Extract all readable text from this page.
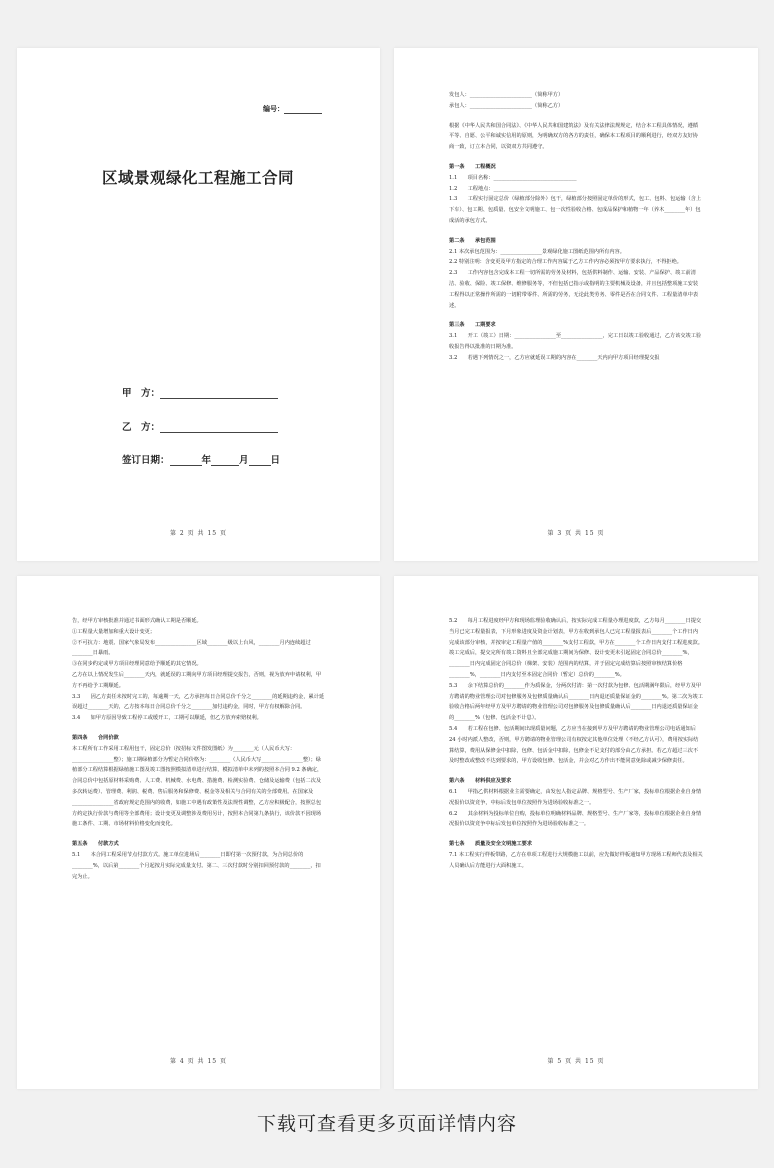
编号：
区域景观绿化工程施工合同
甲　方：
乙　方：
签订日期：	年	月 日
第 2 页 共 15 页

发包人：________________________（简称甲方）

承包人：________________________（简称乙方）

根据《中华人民共和国合同法》、《中华人民共和国建筑法》及有关法律法规规定，结合本工程具体情况，遵循平等、自愿、公平和诚实信用的原则，为明确双方的各方的责任，确保本工程项目的顺利进行，经双方友好协商一致，订立本合同，以资双方共同遵守。

第一条　　工程概况

1.1　　项目名称：________________________________

1.2　　工程地点：________________________________

1.3　　工程实行固定总价（绿植部分除外）包干，绿植部分按照固定单价的形式，包工、包料、包运输（含上下车）、包工期、包质量、包安全文明施工、包一次性验收合格、包成品保护和植物一年（养木________年）包成活的承包方式。

第二条　　承包范围

2.1 本次承包范围为：________________景观绿化施工图纸范围内所有内容。

2.2 特别注明：含变更及甲方指定的合理工作内容属于乙方工作内容必须按甲方要求执行，不得拒绝。

2.3　　工作内容包含完成本工程一切所需的劳务及材料，包括供料制作、运输、安装、产品保护、竣工前清洁、验收、保险、竣工保修、维修服务等，不但包括已指示或指明的主要机械及设备，并且包括整项施工安装工程得以正常操作所需的一切附带零件、所需的劳务，无论此类劳务、零件是否在合同文件、工程量清单中表述。

第三条　　工期要求

3.1　　开工（竣工）日期：________________至________________，完工日以竣工验收通过，乙方该交竣工验收报告得以批准的日期为准。

3.2　　若遇下列情况之一，乙方应就延误工期的内容在________天内向甲方项目经理提交报

第 3 页 共 15 页

告，经甲方审核批准并通过书面形式确认工期是否顺延。

①工程量大量增加和重大设计变更；

②不可抗力：地震、国家气象局发布________________区域________级以上台风，________月内连续超过________日暴雨。

③在同步约定或甲方项目经理同意给予顺延的其它情况。

乙方在以上情况发生后________天内，就延误的工期向甲方项目经理提交报告，否则，视为放弃申请权利，甲方不再给予工期顺延。

3.3　　因乙方责任未按时完工的，每逾期一天，乙方承担每日合同总价千分之________的延期违约金，累计延误超过________天的，乙方按本每日合同总价千分之________加付违约金，同时，甲方有权解除合同。

3.4　　如甲方原因导致工程停工或缓开工，工期可以顺延，但乙方放弃索赔权利。

第四条　　合同价款

本工程所有工作采用工程用包干，固定总价（按招标文件图发图纸）为________元（人民币大写：________________整）；施工期绿植部分为暂定合同价格为：________（人民币大写________________整）；绿植部分工程结算根据绿植施工图及竣工图按照模拟清单进行结算，模拟清单中未列的按照本合同 9.2 条确定，合同总价中包括原材料采购费、人工费、机械费、水电费、措施费、检测实验费、仓储及运输费（包括二次及多次转运费）、管理费、利润、税费、售后服务和保修费、税金等及相关与合同有关的全部费用。在国家及________________省政府规定范围内的收费，如施工中遇有政策性及法规性调整，乙方应积极配合，按照总包方约定执行价款与费用等全部费用；设计变更及调整涉及费用另计，按照本合同第九条执行，该价款不因现场施工条件、工期、市场材料价格变化而变化。

第五条　　付款方式

5.1　　本合同工程采用节点付款方式。施工单位进场后________日即付第一次预付款，为合同总价的________%，以后第________个月起按月实际完成量支付。第二、三次付款时分别扣回预付款的________，扣完为止。

第 4 页 共 15 页

5.2　　每月工程进度经甲方和现场监理验收确认后，按实际完成工程量办理进度款，乙方每月________日提交当月已完工程量报表，下月形象进度及资金计划表，甲方在收到承包人已完工程量报表后________个工作日内完成该部分审核，并按审定工程量产值的________%支付工程款，甲方在________个工作日内支付工程进度款。竣工完成后，提交完所有竣工资料且全部完成施工期间为保修、设计变更未引起固定合同总价________%，________日内完成固定合同总价（梯架、安装）范围内的结算，并于固定完成结算后按照审核结算价格________%，________日内支付至本固定合同价（暂定）总价的________%。

5.3　　余下结算总价的________作为质保金，分两次付清：第一次付款为包修、包活期满年限后，经甲方及甲方聘请的物业管理公司对包修服务及包修质量确认后________日内退还质量保证金的________%。第二次为竣工验收合格后两年经甲方及甲方聘请的物业管理公司对包修服务及包修质量确认后________日内退还质量保证金的________%（包修、包活金不计息）。

5.4　　若工程在包修、包活期间出现质量问题，乙方应当在接到甲方及甲方聘请的物业管理公司电话通知后 24 小时内派人整改，否则，甲方聘请的物业管理公司有权按定其他单位处理（不经乙方认可），费用按实际结算结算，费用从保修金中扣除，包修、包活金中扣除，包修金不足支付的部分由乙方承担。若乙方超过三次不及时整改或整改不达到要求的，甲方设收包修、包活金，并会对乙方作出不能同意免除或减少保修责任。

第六条　　材料供应及要求

6.1　　甲指乙供材料根据业主需要确定，由发包人指定品牌、规格型号、生产厂家，投标单位根据企业自身情况报价以资竞争，中标后发包单位按照作为进场验收标准之一。

6.2　　其余材料为投标单位自购，投标单位明确材料品牌、规格型号、生产厂家等，投标单位根据企业自身情况报价以资竞争中标后发包单位按照作为进场验收标准之一。

第七条　　质量及安全文明施工要求

7.1 本工程实行样板带路，乙方在单项工程进行大规模施工以前，应先做好样板通知甲方现场工程师代表及相关人员确认后方能进行大面积施工。

第 5 页 共 15 页
下载可查看更多页面详情内容
